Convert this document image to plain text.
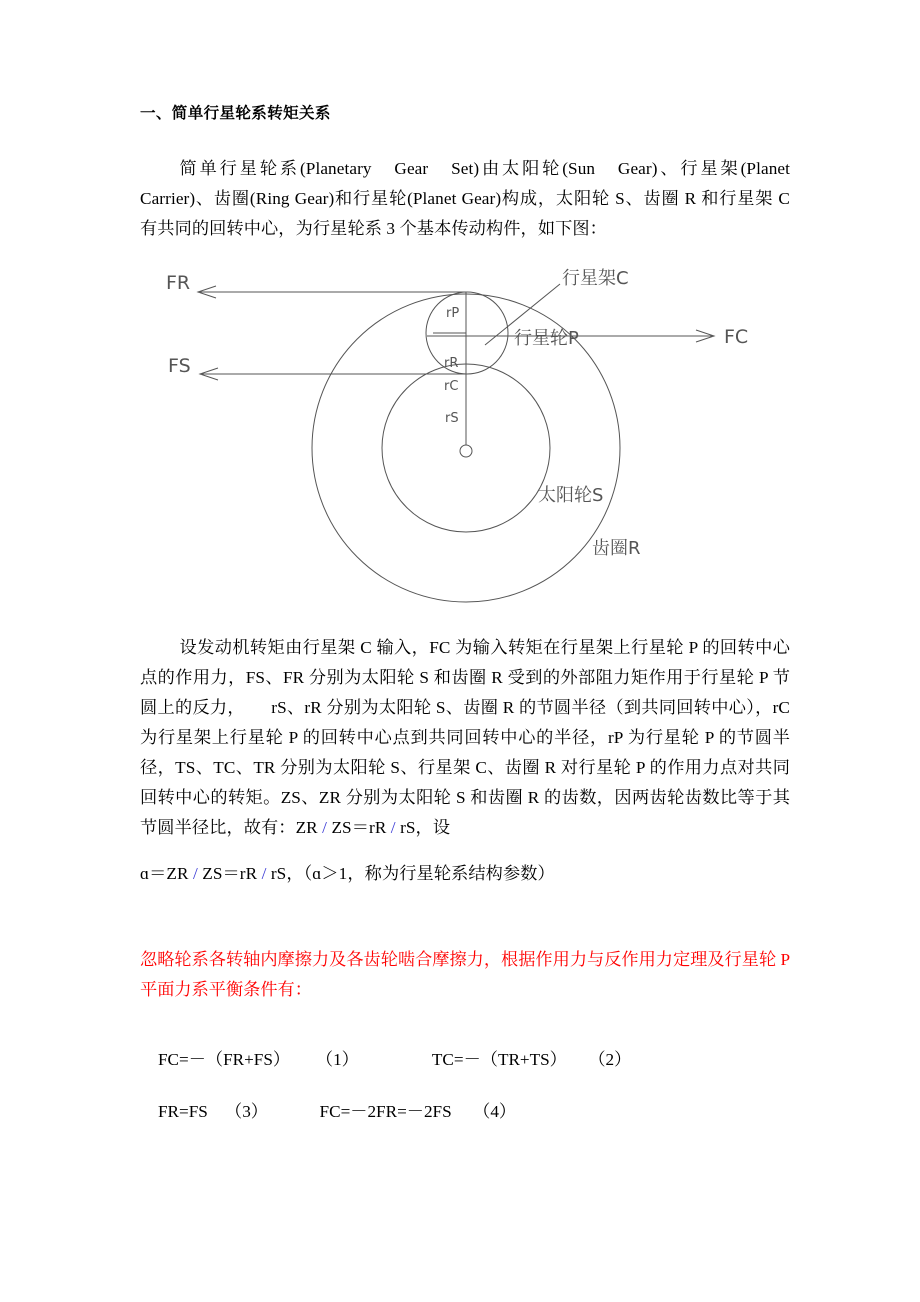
一、简单行星轮系转矩关系

简单行星轮系(Planetary　Gear　Set)由太阳轮(Sun　Gear)、行星架(Planet Carrier)、齿圈(Ring Gear)和行星轮(Planet Gear)构成，太阳轮 S、齿圈 R 和行星架 C 有共同的回转中心，为行星轮系 3 个基本传动构件，如下图：

FR
FS
FC
rP
rR
rC
rS
行星架C
行星轮P
太阳轮S
齿圈R

设发动机转矩由行星架 C 输入，FC 为输入转矩在行星架上行星轮 P 的回转中心点的作用力，FS、FR 分别为太阳轮 S 和齿圈 R 受到的外部阻力矩作用于行星轮 P 节圆上的反力，　　rS、rR 分别为太阳轮 S、齿圈 R 的节圆半径（到共同回转中心），rC 为行星架上行星轮 P 的回转中心点到共同回转中心的半径，rP 为行星轮 P 的节圆半径，TS、TC、TR 分别为太阳轮 S、行星架 C、齿圈 R 对行星轮 P 的作用力点对共同回转中心的转矩。ZS、ZR 分别为太阳轮 S 和齿圈 R 的齿数，因两齿轮齿数比等于其节圆半径比，故有：ZR / ZS＝rR / rS，设

ɑ＝ZR / ZS＝rR / rS，（ɑ＞1，称为行星轮系结构参数）

忽略轮系各转轴内摩擦力及各齿轮啮合摩擦力，根据作用力与反作用力定理及行星轮 P 平面力系平衡条件有：

FC=－（FR+FS）      （1）                 TC=－（TR+TS）     （2）

FR=FS    （3）            FC=－2FR=－2FS     （4）
